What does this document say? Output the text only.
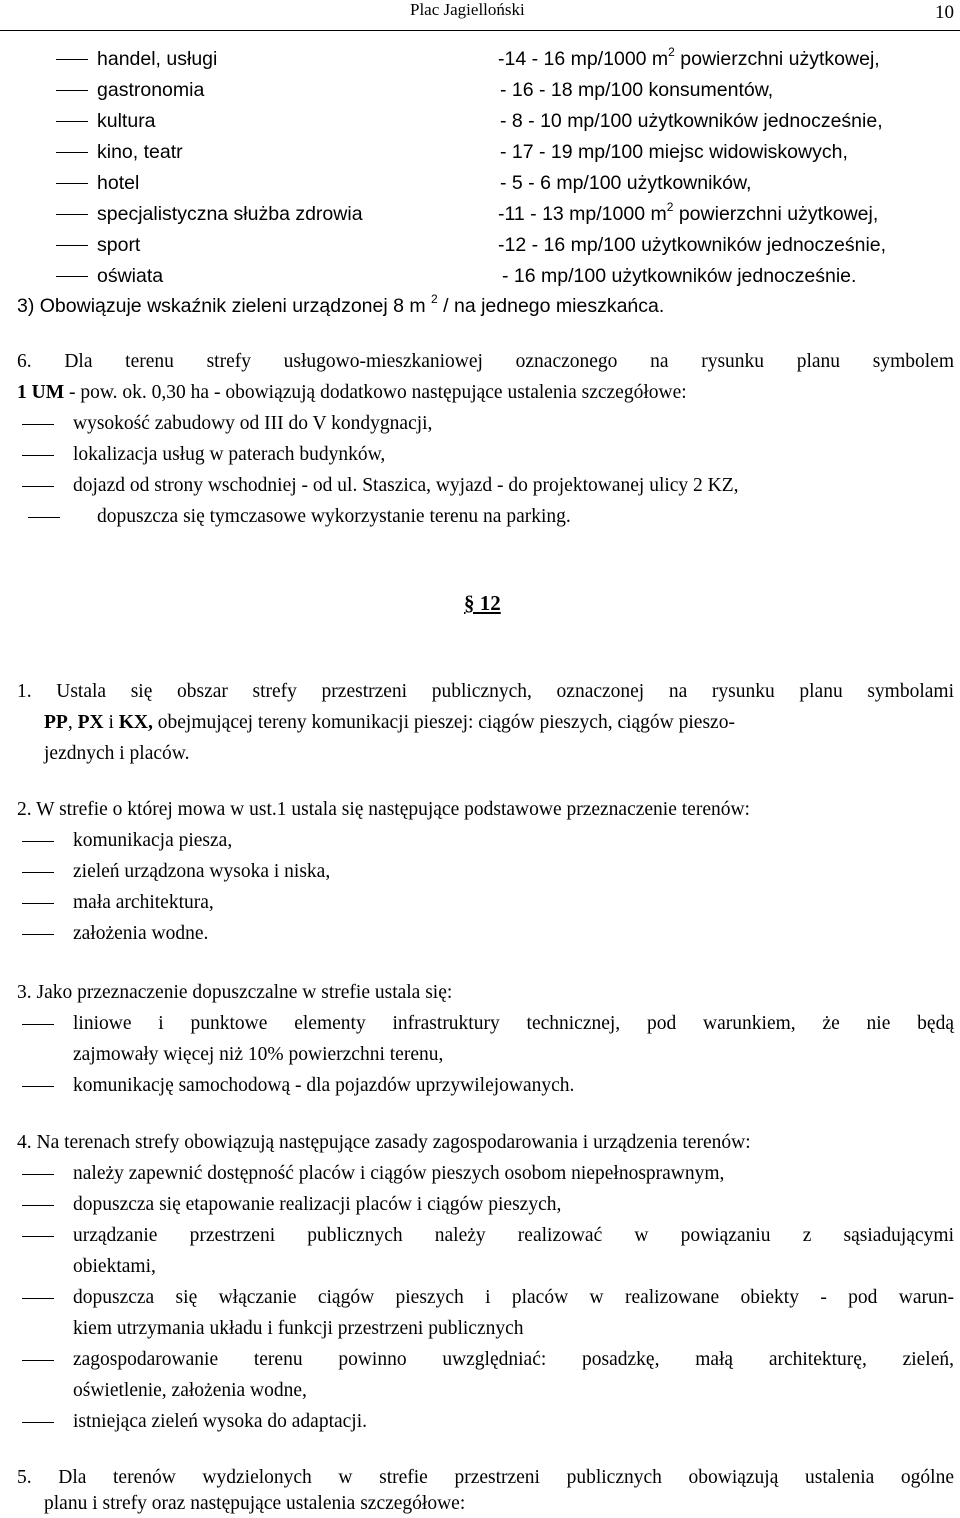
Plac Jagielloński	10
handel, usługi	-14 - 16 mp/1000 $m^2$ powierzchni użytkowej,
gastronomia	- 16 - 18 mp/100 konsumentów,
kultura	- 8 - 10 mp/100 użytkowników jednocześnie,
kino, teatr	- 17 - 19 mp/100 miejsc widowiskowych,
hotel	- 5 - 6 mp/100 użytkowników,
specjalistyczna służba zdrowia	-11 - 13 mp/1000 $m^2$ powierzchni użytkowej,
sport	-12 - 16 mp/100 użytkowników jednocześnie,
oświata	- 16 mp/100 użytkowników jednocześnie.
3) Obowiązuje wskaźnik zieleni urządzonej 8 m $^2$ / na jednego mieszkańca.
6. Dla terenu strefy usługowo-mieszkaniowej oznaczonego na rysunku planu symbolem
1 UM - pow. ok. 0,30 ha - obowiązują dodatkowo następujące ustalenia szczegółowe:
wysokość zabudowy od III do V kondygnacji,
lokalizacja usług w paterach budynków,
dojazd od strony wschodniej - od ul. Staszica, wyjazd - do projektowanej ulicy 2 KZ,
dopuszcza się tymczasowe wykorzystanie terenu na parking.
§ 12
1. Ustala się obszar strefy przestrzeni publicznych, oznaczonej na rysunku planu symbolami
PP, PX i KX, obejmującej tereny komunikacji pieszej: ciągów pieszych, ciągów pieszo-
jezdnych i placów.
2. W strefie o której mowa w ust.1 ustala się następujące podstawowe przeznaczenie terenów:
komunikacja piesza,
zieleń urządzona wysoka i niska,
mała architektura,
założenia wodne.
3. Jako przeznaczenie dopuszczalne w strefie ustala się:
liniowe i punktowe elementy infrastruktury technicznej, pod warunkiem, że nie będą
zajmowały więcej niż 10% powierzchni terenu,
komunikację samochodową - dla pojazdów uprzywilejowanych.
4. Na terenach strefy obowiązują następujące zasady zagospodarowania i urządzenia terenów:
należy zapewnić dostępność placów i ciągów pieszych osobom niepełnosprawnym,
dopuszcza się etapowanie realizacji placów i ciągów pieszych,
urządzanie przestrzeni publicznych należy realizować w powiązaniu z sąsiadującymi
obiektami,
dopuszcza się włączanie ciągów pieszych i placów w realizowane obiekty - pod warun-
kiem utrzymania układu i funkcji przestrzeni publicznych
zagospodarowanie terenu powinno uwzględniać: posadzkę, małą architekturę, zieleń,
oświetlenie, założenia wodne,
istniejąca zieleń wysoka do adaptacji.
5. Dla terenów wydzielonych w strefie przestrzeni publicznych obowiązują ustalenia ogólne
planu i strefy oraz następujące ustalenia szczegółowe:
